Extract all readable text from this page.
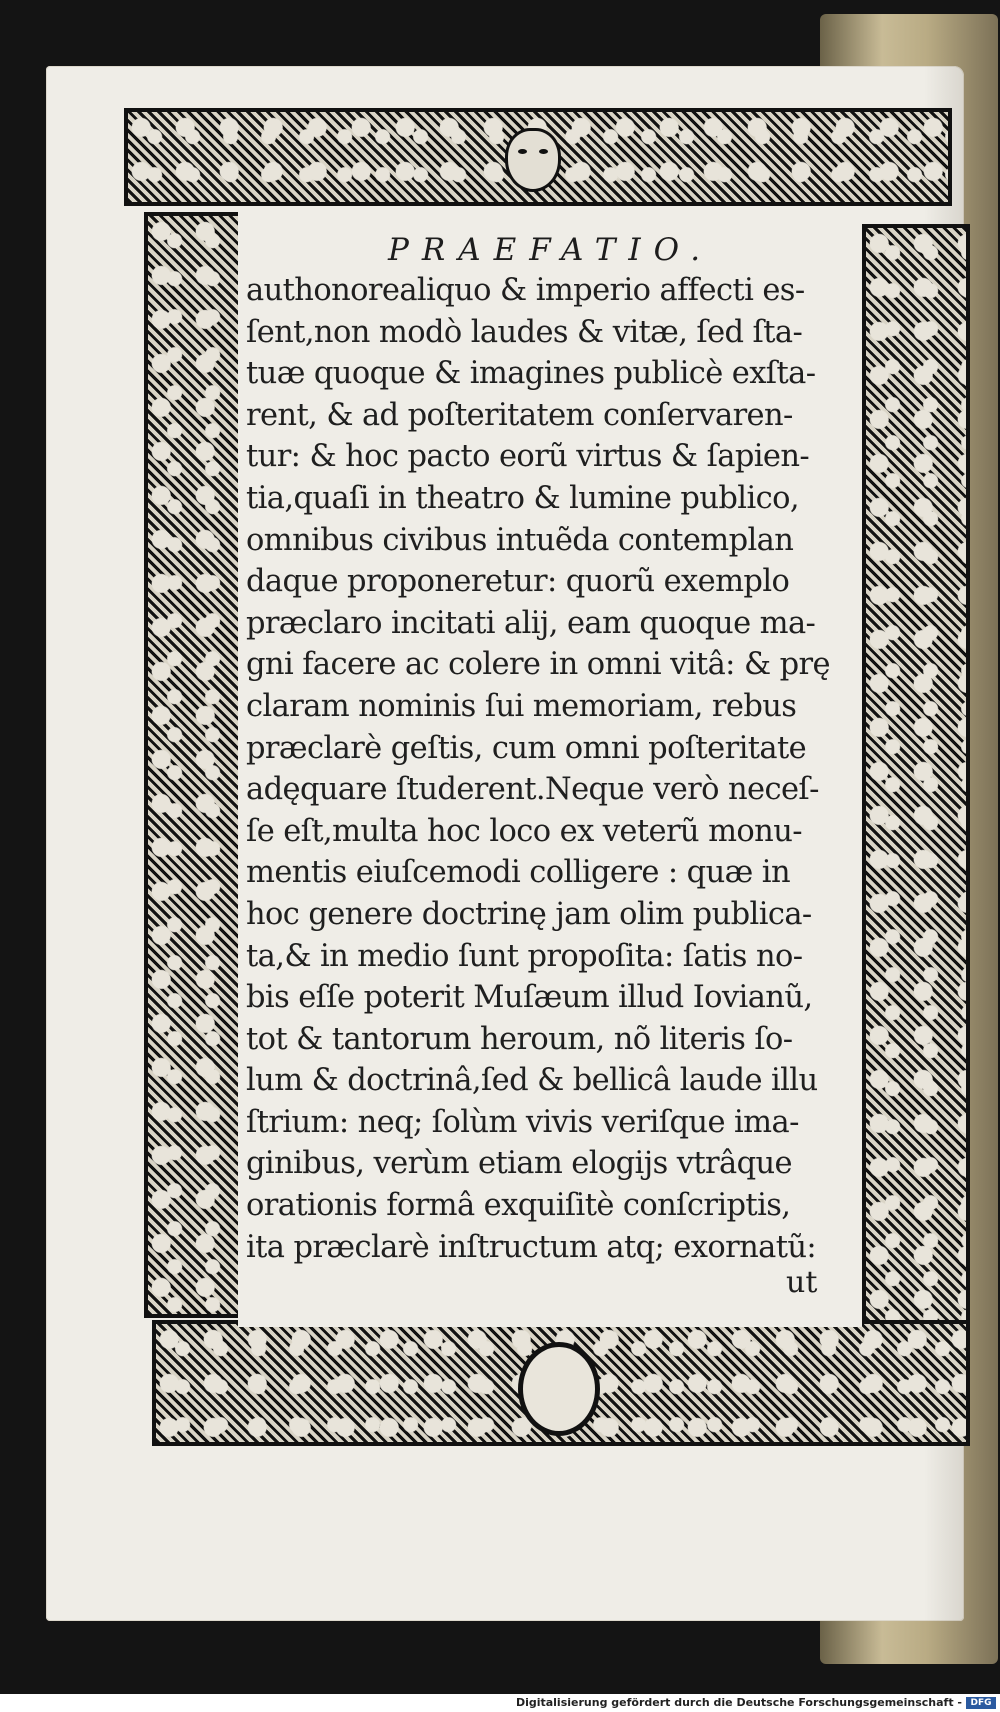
PRAEFATIO.
authonorealiquo & imperio affecti es-
ſent,non modò laudes & vitæ, ſed ſta-
tuæ quoque & imagines publicè exſta-
rent, & ad poſteritatem conſervaren-
tur: & hoc pacto eorũ virtus & ſapien-
tia,quaſi in theatro & lumine publico,
omnibus civibus intuẽda contemplan
daque proponeretur: quorũ exemplo
præclaro incitati alij, eam quoque ma-
gni facere ac colere in omni vitâ: & prę
claram nominis ſui memoriam, rebus
præclarè geſtis, cum omni poſteritate
adęquare ſtuderent.Neque verò neceſ-
ſe eſt,multa hoc loco ex veterũ monu-
mentis eiuſcemodi colligere : quæ in
hoc genere doctrinę jam olim publica-
ta,& in medio ſunt propoſita: ſatis no-
bis eſſe poterit Muſæum illud Iovianũ,
tot & tantorum heroum, nõ literis ſo-
lum & doctrinâ,ſed & bellicâ laude illu
ſtrium: neq; ſolùm vivis veriſque ima-
ginibus, verùm etiam elogijs vtrâque
orationis formâ exquiſitè conſcriptis,
ita præclarè inſtructum atq; exornatũ:
ut
Digitalisierung gefördert durch die Deutsche Forschungsgemeinschaft - DFG
